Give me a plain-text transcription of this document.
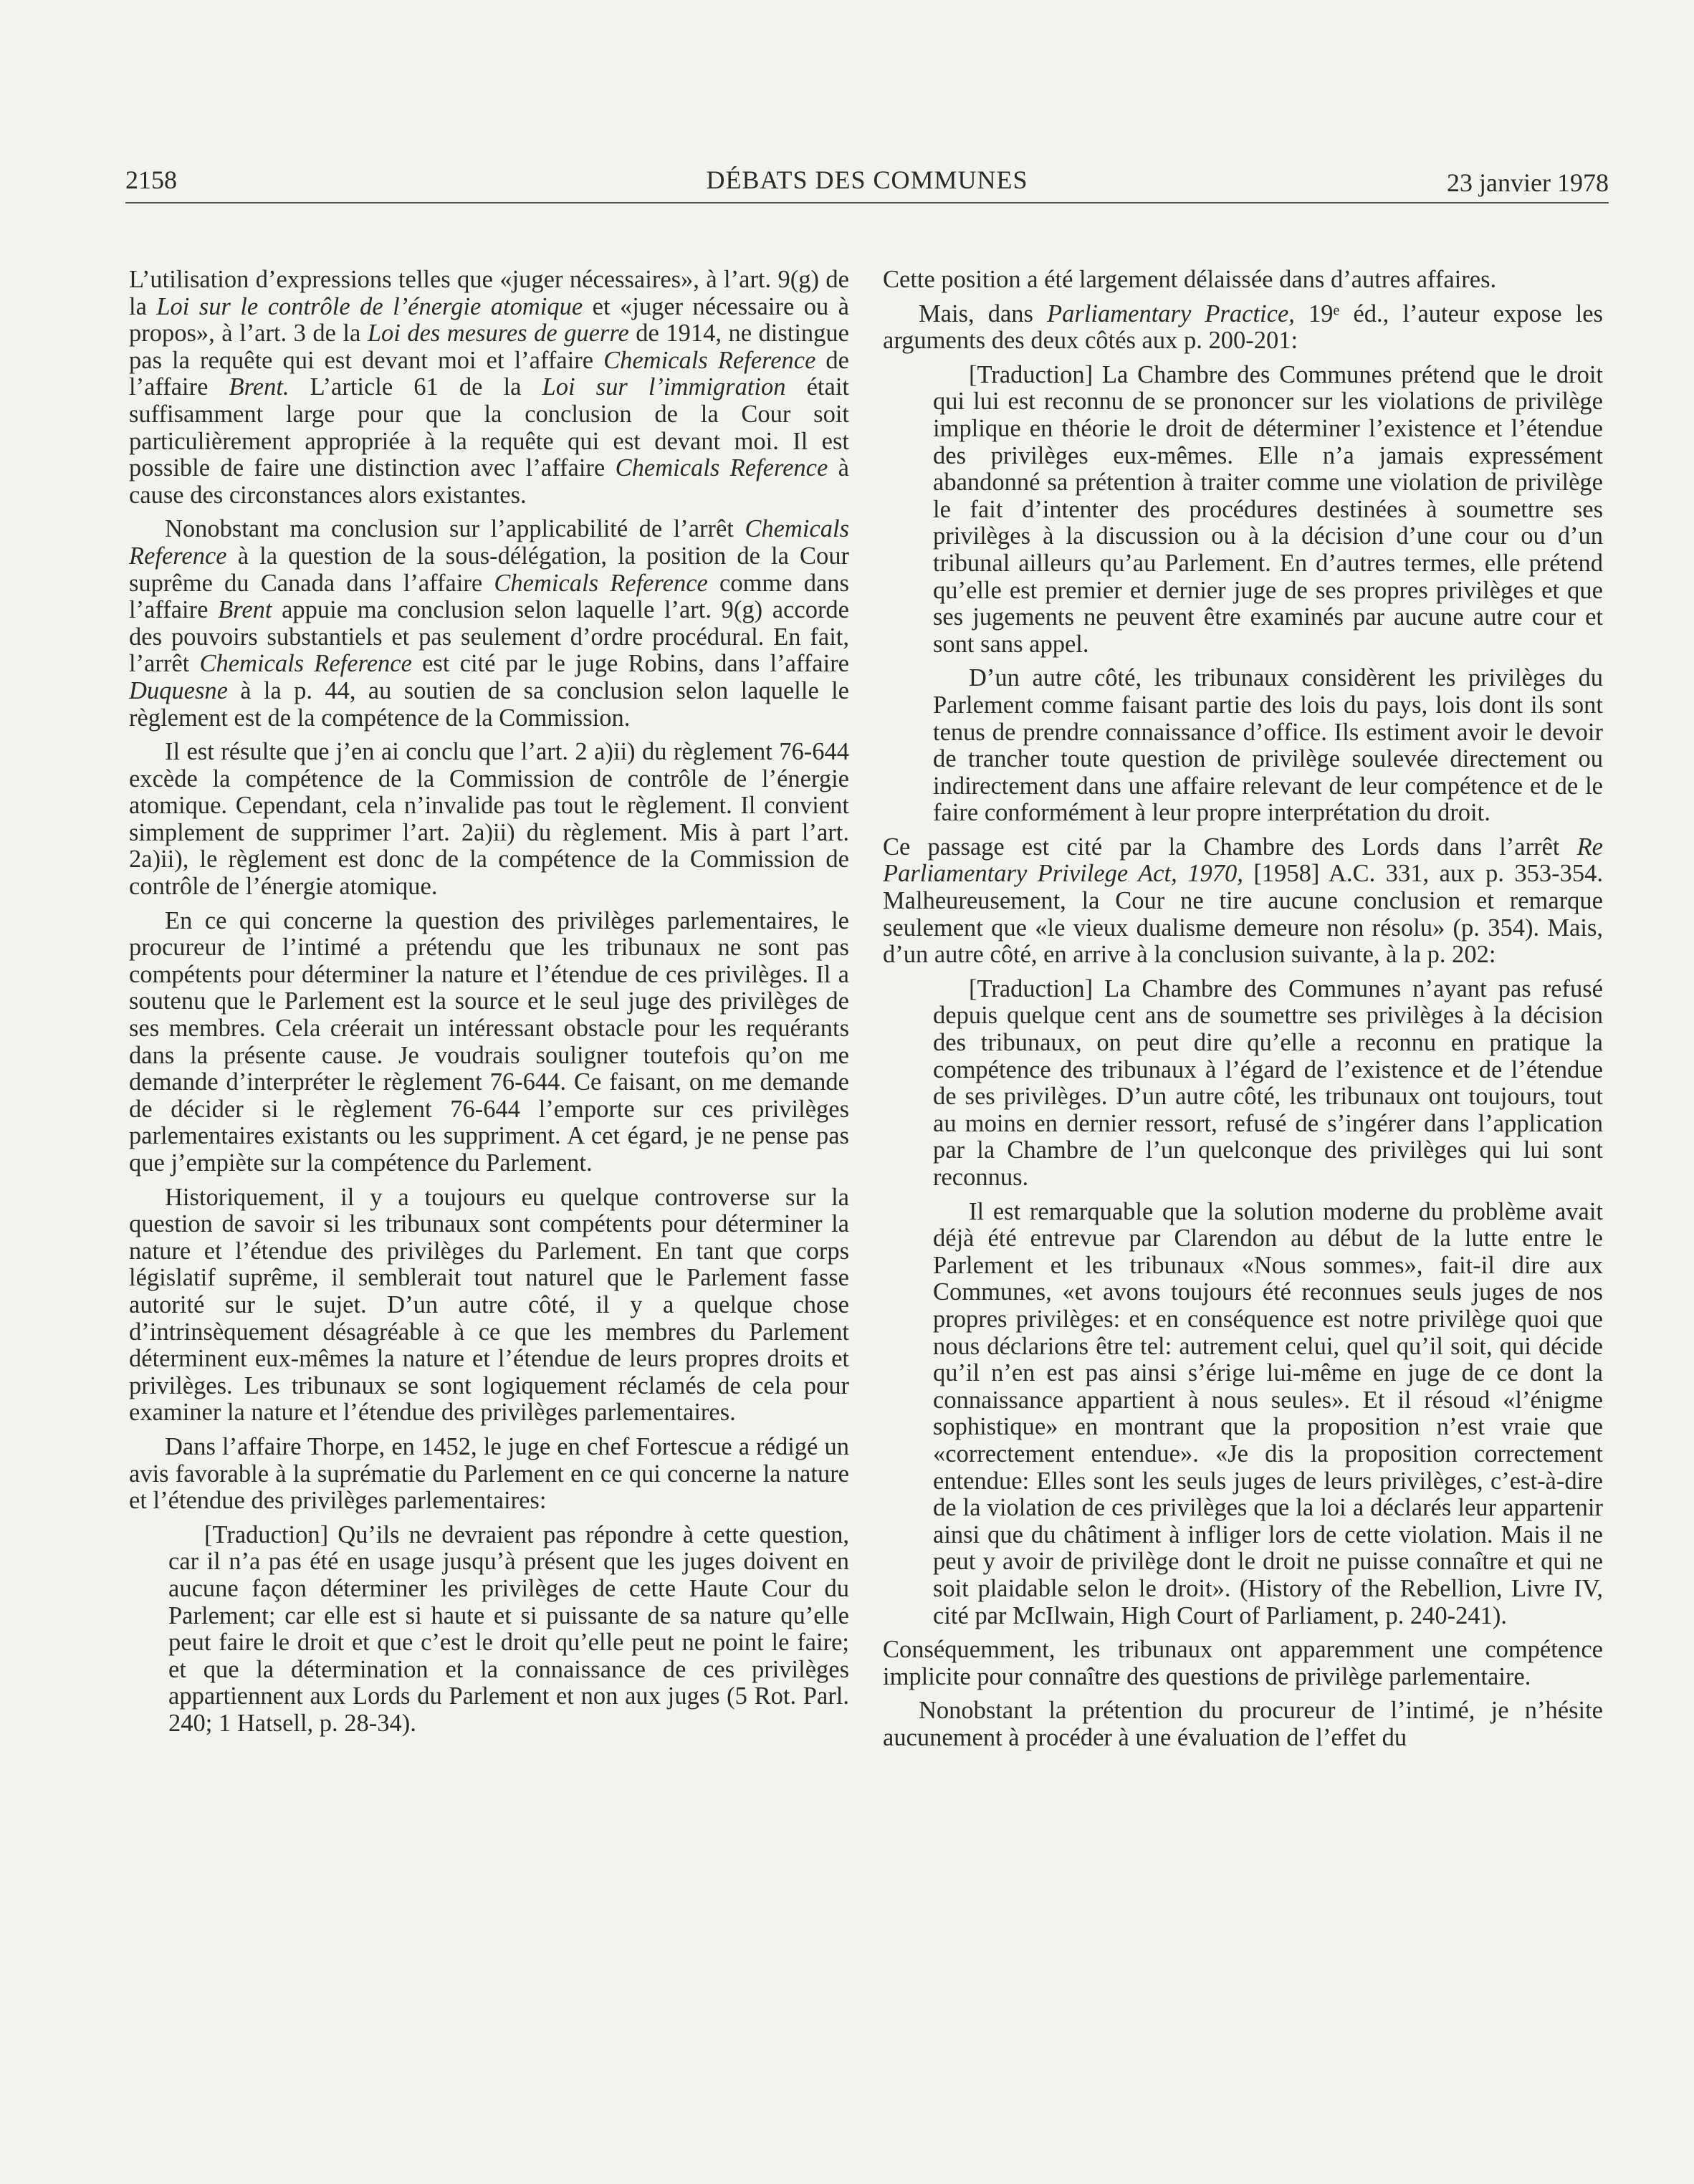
2158	DÉBATS DES COMMUNES	23 janvier 1978

L’utilisation d’expressions telles que «juger nécessaires», à l’art. 9(g) de la Loi sur le contrôle de l’énergie atomique et «juger nécessaire ou à propos», à l’art. 3 de la Loi des mesures de guerre de 1914, ne distingue pas la requête qui est devant moi et l’affaire Chemicals Reference de l’affaire Brent. L’article 61 de la Loi sur l’immigration était suffisamment large pour que la conclusion de la Cour soit particulièrement appropriée à la requête qui est devant moi. Il est possible de faire une distinction avec l’affaire Chemicals Reference à cause des circonstances alors existantes.

Nonobstant ma conclusion sur l’applicabilité de l’arrêt Chemicals Reference à la question de la sous-délégation, la position de la Cour suprême du Canada dans l’affaire Chemicals Reference comme dans l’affaire Brent appuie ma conclusion selon laquelle l’art. 9(g) accorde des pouvoirs substantiels et pas seulement d’ordre procédural. En fait, l’arrêt Chemicals Reference est cité par le juge Robins, dans l’affaire Duquesne à la p. 44, au soutien de sa conclusion selon laquelle le règlement est de la compétence de la Commission.

Il est résulte que j’en ai conclu que l’art. 2 a)ii) du règlement 76-644 excède la compétence de la Commission de contrôle de l’énergie atomique. Cependant, cela n’invalide pas tout le règlement. Il convient simplement de supprimer l’art. 2a)ii) du règlement. Mis à part l’art. 2a)ii), le règlement est donc de la compétence de la Commission de contrôle de l’énergie atomique.

En ce qui concerne la question des privilèges parlementaires, le procureur de l’intimé a prétendu que les tribunaux ne sont pas compétents pour déterminer la nature et l’étendue de ces privilèges. Il a soutenu que le Parlement est la source et le seul juge des privilèges de ses membres. Cela créerait un intéressant obstacle pour les requérants dans la présente cause. Je voudrais souligner toutefois qu’on me demande d’interpréter le règlement 76-644. Ce faisant, on me demande de décider si le règlement 76-644 l’emporte sur ces privilèges parlementaires existants ou les suppriment. A cet égard, je ne pense pas que j’empiète sur la compétence du Parlement.

Historiquement, il y a toujours eu quelque controverse sur la question de savoir si les tribunaux sont compétents pour déterminer la nature et l’étendue des privilèges du Parlement. En tant que corps législatif suprême, il semblerait tout naturel que le Parlement fasse autorité sur le sujet. D’un autre côté, il y a quelque chose d’intrinsèquement désagréable à ce que les membres du Parlement déterminent eux-mêmes la nature et l’étendue de leurs propres droits et privilèges. Les tribunaux se sont logiquement réclamés de cela pour examiner la nature et l’étendue des privilèges parlementaires.

Dans l’affaire Thorpe, en 1452, le juge en chef Fortescue a rédigé un avis favorable à la suprématie du Parlement en ce qui concerne la nature et l’étendue des privilèges parlementaires:

[Traduction] Qu’ils ne devraient pas répondre à cette question, car il n’a pas été en usage jusqu’à présent que les juges doivent en aucune façon déterminer les privilèges de cette Haute Cour du Parlement; car elle est si haute et si puissante de sa nature qu’elle peut faire le droit et que c’est le droit qu’elle peut ne point le faire; et que la détermination et la connaissance de ces privilèges appartiennent aux Lords du Parlement et non aux juges (5 Rot. Parl. 240; 1 Hatsell, p. 28-34).

Cette position a été largement délaissée dans d’autres affaires.

Mais, dans Parliamentary Practice, 19ᵉ éd., l’auteur expose les arguments des deux côtés aux p. 200-201:

[Traduction] La Chambre des Communes prétend que le droit qui lui est reconnu de se prononcer sur les violations de privilège implique en théorie le droit de déterminer l’existence et l’étendue des privilèges eux-mêmes. Elle n’a jamais expressément abandonné sa prétention à traiter comme une violation de privilège le fait d’intenter des procédures destinées à soumettre ses privilèges à la discussion ou à la décision d’une cour ou d’un tribunal ailleurs qu’au Parlement. En d’autres termes, elle prétend qu’elle est premier et dernier juge de ses propres privilèges et que ses jugements ne peuvent être examinés par aucune autre cour et sont sans appel.

D’un autre côté, les tribunaux considèrent les privilèges du Parlement comme faisant partie des lois du pays, lois dont ils sont tenus de prendre connaissance d’office. Ils estiment avoir le devoir de trancher toute question de privilège soulevée directement ou indirectement dans une affaire relevant de leur compétence et de le faire conformément à leur propre interprétation du droit.

Ce passage est cité par la Chambre des Lords dans l’arrêt Re Parliamentary Privilege Act, 1970, [1958] A.C. 331, aux p. 353-354. Malheureusement, la Cour ne tire aucune conclusion et remarque seulement que «le vieux dualisme demeure non résolu» (p. 354). Mais, d’un autre côté, en arrive à la conclusion suivante, à la p. 202:

[Traduction] La Chambre des Communes n’ayant pas refusé depuis quelque cent ans de soumettre ses privilèges à la décision des tribunaux, on peut dire qu’elle a reconnu en pratique la compétence des tribunaux à l’égard de l’existence et de l’étendue de ses privilèges. D’un autre côté, les tribunaux ont toujours, tout au moins en dernier ressort, refusé de s’ingérer dans l’application par la Chambre de l’un quelconque des privilèges qui lui sont reconnus.

Il est remarquable que la solution moderne du problème avait déjà été entrevue par Clarendon au début de la lutte entre le Parlement et les tribunaux «Nous sommes», fait-il dire aux Communes, «et avons toujours été reconnues seuls juges de nos propres privilèges: et en conséquence est notre privilège quoi que nous déclarions être tel: autrement celui, quel qu’il soit, qui décide qu’il n’en est pas ainsi s’érige lui-même en juge de ce dont la connaissance appartient à nous seules». Et il résoud «l’énigme sophistique» en montrant que la proposition n’est vraie que «correctement entendue». «Je dis la proposition correctement entendue: Elles sont les seuls juges de leurs privilèges, c’est-à-dire de la violation de ces privilèges que la loi a déclarés leur appartenir ainsi que du châtiment à infliger lors de cette violation. Mais il ne peut y avoir de privilège dont le droit ne puisse connaître et qui ne soit plaidable selon le droit». (History of the Rebellion, Livre IV, cité par McIlwain, High Court of Parliament, p. 240-241).

Conséquemment, les tribunaux ont apparemment une compétence implicite pour connaître des questions de privilège parlementaire.

Nonobstant la prétention du procureur de l’intimé, je n’hésite aucunement à procéder à une évaluation de l’effet du
